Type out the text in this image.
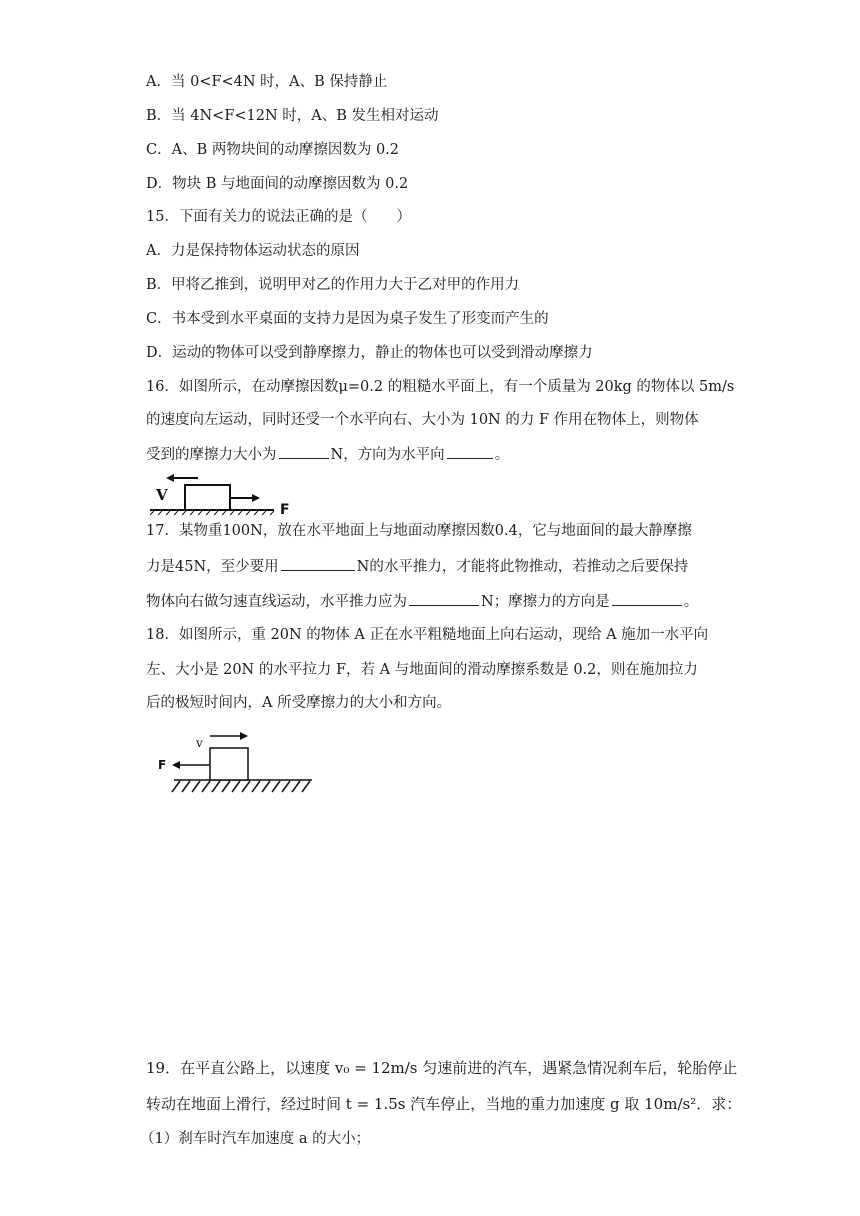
A．当 0<F<4N 时，A、B 保持静止
B．当 4N<F<12N 时，A、B 发生相对运动
C．A、B 两物块间的动摩擦因数为 0.2
D．物块 B 与地面间的动摩擦因数为 0.2
15．下面有关力的说法正确的是（　　）
A．力是保持物体运动状态的原因
B．甲将乙推到，说明甲对乙的作用力大于乙对甲的作用力
C．书本受到水平桌面的支持力是因为桌子发生了形变而产生的
D．运动的物体可以受到静摩擦力，静止的物体也可以受到滑动摩擦力
16．如图所示，在动摩擦因数μ=0.2 的粗糙水平面上，有一个质量为 20kg 的物体以 5m/s
的速度向左运动，同时还受一个水平向右、大小为 10N 的力 F 作用在物体上，则物体
受到的摩擦力大小为	N，方向为水平向	。
V
F
17．某物重100N，放在水平地面上与地面动摩擦因数0.4，它与地面间的最大静摩擦
力是45N，至少要用	N的水平推力，才能将此物推动，若推动之后要保持
物体向右做匀速直线运动，水平推力应为	N；摩擦力的方向是	。
18．如图所示，重 20N 的物体 A 正在水平粗糙地面上向右运动，现给 A 施加一水平向
左、大小是 20N 的水平拉力 F，若 A 与地面间的滑动摩擦系数是 0.2，则在施加拉力
后的极短时间内，A 所受摩擦力的大小和方向。
v
F
19．在平直公路上，以速度 v₀ = 12m/s 匀速前进的汽车，遇紧急情况刹车后，轮胎停止
转动在地面上滑行，经过时间 t = 1.5s 汽车停止，当地的重力加速度 g 取 10m/s²．求：
（1）刹车时汽车加速度 a 的大小；
